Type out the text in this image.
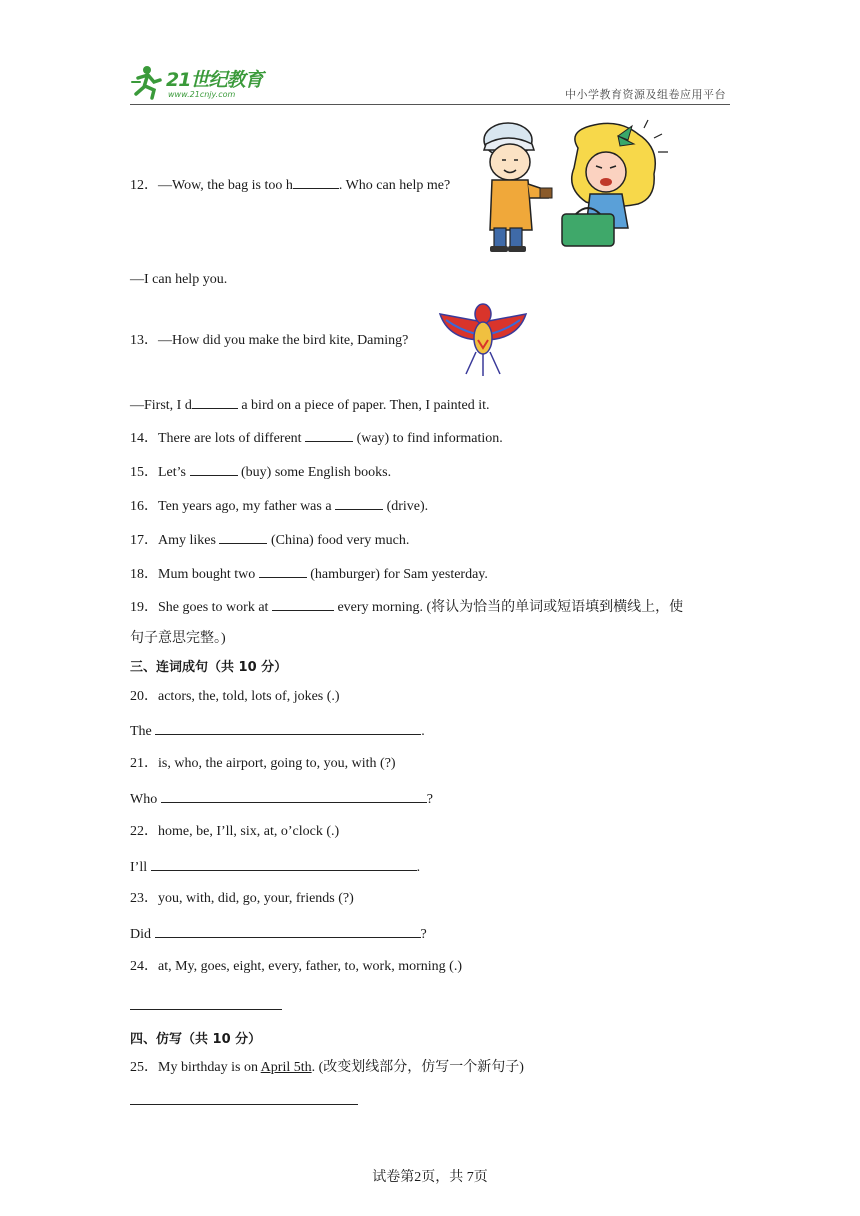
21世纪教育
www.21cnjy.com	中小学教育资源及组卷应用平台
12．—Wow, the bag is too h	. Who can help me?
—I can help you.
13．—How did you make the bird kite, Daming?
—First, I d	a bird on a piece of paper. Then, I painted it.
14．There are lots of different	(way) to find information.
15．Let’s	(buy) some English books.
16．Ten years ago, my father was a	(drive).
17．Amy likes	(China) food very much.
18．Mum bought two	(hamburger) for Sam yesterday.
19．She goes to work at	every morning. (将认为恰当的单词或短语填到横线上，使
句子意思完整。)
三、连词成句（共 10 分）
20．actors, the, told, lots of, jokes (.)
The	.
21．is, who, the airport, going to, you, with (?)
Who	?
22．home, be, I’ll, six, at, o’clock (.)
I’ll	.
23．you, with, did, go, your, friends (?)
Did	?
24．at, My, goes, eight, every, father, to, work, morning (.)
四、仿写（共 10 分）
25．My birthday is on April 5th. (改变划线部分，仿写一个新句子)
试卷第2页，共 7页
